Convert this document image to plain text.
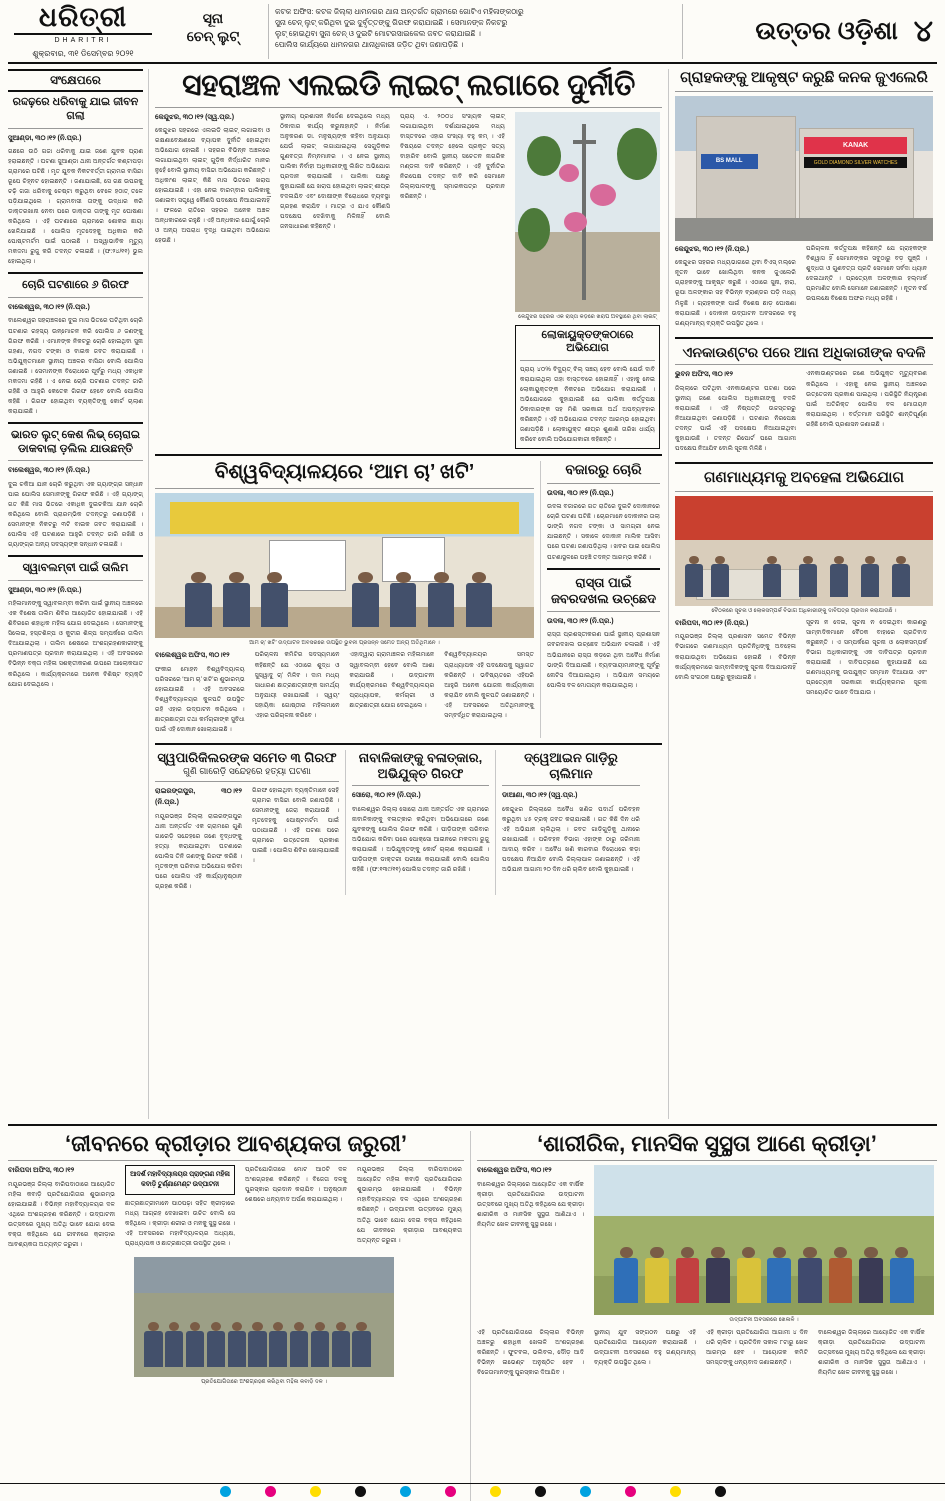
ଧରିତ୍ରୀ
DHARITRI
ଶୁକ୍ରବାର, ୩୧ ଡିସେମ୍ବର ୨୦୨୧
ସୂନା
ଚେନ୍ ଲୁଟ୍
କଟକ ଅଫିସ: କଟକ ଜିଲ୍ଲା ଧାମନଗର ଥାନା ଅନ୍ତର୍ଗତ ଗ୍ରାମରେ ଗୋଟିଏ ମହିଳାଙ୍କଠାରୁ
ସୁନା ଚେନ୍ ଲୁଟ୍ କରିଥିବା ଦୁଇ ଦୁର୍ବୃତ୍ତଙ୍କୁ ଗିରଫ କରାଯାଇଛି । ସେମାନଙ୍କ ନିକଟରୁ
ଲୁଟ୍ ହୋଇଥିବା ସୁନା ଚେନ୍ ଓ ଦୁଇଟି ମୋଟରସାଇକେଲ ଜବତ କରାଯାଇଛି ।
ପୋଲିସ କାର୍ଯ୍ୟରେ ଧାମନଗର ଥାନାଧିକାରୀ ଜଡ଼ିତ ଥିବା ଜଣାପଡ଼ିଛି ।	ଉତ୍ତର ଓଡ଼ିଶା ୪
ସଂକ୍ଷେପରେ
ରଦ୍ଦଢ଼ରେ ଧରିବାକୁ ଯାଇ ଜୀବନ ଗଲା

ସୁଆଣ୍ଡା, ୩୦।୧୨ (ନି.ପ୍ର.)

ଗଛରେ ଉଠି ଗଜା ଧରିବାକୁ ଯାଇ ଜଣେ ଯୁବକ ପ୍ରାଣ ହରାଇଛନ୍ତି । ଘଟଣା ସୁଆଣ୍ଡା ଥାନା ଅନ୍ତର୍ଗତ କଣ୍ଟାପଡ଼ା ଗ୍ରାମରେ ଘଟିଛି । ମୃତ ଯୁବକ ନିକଟବର୍ତ୍ତୀ ଗ୍ରାମର ବାସିନ୍ଦା ରୂପେ ଚିହ୍ନଟ ହୋଇଛନ୍ତି । ଜଣାଯାଇଛି, ସେ ଗଛ ଉପରକୁ ଚଢ଼ି ଗଜା ଧରିବାକୁ ଚେଷ୍ଟା କରୁଥିବା ବେଳେ ହଠାତ୍ ତଳେ ପଡ଼ିଯାଇଥିଲେ । ଗ୍ରାମବାସୀ ତାଙ୍କୁ ଉଦ୍ଧାର କରି ଡାକ୍ତରଖାନା ନେବା ପରେ ଡାକ୍ତର ତାଙ୍କୁ ମୃତ ଘୋଷଣା କରିଥିଲେ । ଏହି ଘଟଣାରେ ଗ୍ରାମରେ ଶୋକର ଛାୟା ଖେଳିଯାଇଛି । ପୋଲିସ ମୃତଦେହକୁ ଅଧିକାର କରି ପୋଷ୍ଟମର୍ଟମ ପାଇଁ ପଠାଇଛି । ଅସ୍ୱାଭାବିକ ମୃତ୍ୟୁ ମକଦ୍ଦମା ରୁଜୁ କରି ତଦନ୍ତ ଚଳାଇଛି । (ଫ:୨୪/୧୧) ଭୁଲ ହୋଇଥିଲା ।

ଚୋରି ଘଟଣାରେ ୬ ଗିରଫ

ବାଲେଶ୍ୱର, ୩୦।୧୨ (ନି.ପ୍ର.)

ବାଲେଶ୍ୱର ସହରାଞ୍ଚଳରେ ଦୁଇ ମାସ ଭିତରେ ଘଟିଥିବା ଚୋରି ଘଟଣାର ରହସ୍ୟ ଉନ୍ମୋଚନ କରି ପୋଲିସ ୬ ଜଣଙ୍କୁ ଗିରଫ କରିଛି । ଏମାନଙ୍କ ନିକଟରୁ ଚୋରି ହୋଇଥିବା ସୁନା ଗହଣା, ନଗଦ ଟଙ୍କା ଓ ବାଇକ ଜବତ କରାଯାଇଛି । ଅଭିଯୁକ୍ତମାନେ ସ୍ଥାନୀୟ ଅଞ୍ଚଳର ବାସିନ୍ଦା ବୋଲି ପୋଲିସ ଜଣାଇଛି । ସେମାନଙ୍କ ବିରୋଧରେ ପୂର୍ବରୁ ମଧ୍ୟ ଏକାଧିକ ମକଦ୍ଦମା ରହିଛି । ଏ ନେଇ ଚୋରି ଘଟଣାର ତଦନ୍ତ ଜାରି ରହିଛି ଓ ଆହୁରି କେତେକ ଗିରଫ ହେବେ ବୋଲି ପୋଲିସ କହିଛି । ଗିରଫ ହୋଇଥିବା ବ୍ୟକ୍ତିଙ୍କୁ କୋର୍ଟ ଚାଲାଣ କରାଯାଇଛି ।

ଭାରତ ଲୁଟ୍ କେଶ ଲିଭ୍ ଚୋରାଇ ଡାକବାଲା ଡ଼ଲିଲ ଯାଉଛନ୍ତି

ବାଲେଶ୍ୱର, ୩୦।୧୨ (ନି.ପ୍ର.)

ଦୁଇ ଚକିଆ ଯାନ ଚୋରି କରୁଥିବା ଏକ ଗ୍ୟାଙ୍ଗ୍‌ର ସନ୍ଧାନ ପାଇ ପୋଲିସ ସେମାନଙ୍କୁ ଗିରଫ କରିଛି । ଏହି ଗ୍ୟାଙ୍ଗ୍ ଗତ କିଛି ମାସ ଭିତରେ ଏକାଧିକ ଦୁଇଚକିଆ ଯାନ ଚୋରି କରିଥିଲେ ବୋଲି ପ୍ରାରମ୍ଭିକ ତଦନ୍ତରୁ ଜଣାପଡ଼ିଛି । ସେମାନଙ୍କ ନିକଟରୁ ୩ଟି ବାଇକ ଜବତ କରାଯାଇଛି । ପୋଲିସ ଏହି ଘଟଣାରେ ଆହୁରି ତଦନ୍ତ ଜାରି ରଖିଛି ଓ ଗ୍ୟାଙ୍ଗ୍‌ର ଅନ୍ୟ ସଦସ୍ୟଙ୍କ ସନ୍ଧାନ ଚଳାଇଛି ।

ସ୍ୱାବଲମ୍ବୀ ପାଇଁ ତାଲିମ

ସୁଆଣ୍ଡା, ୩୦।୧୨ (ନି.ପ୍ର.)

ମହିଳାମାନଙ୍କୁ ସ୍ୱାବଲମ୍ବୀ କରିବା ପାଇଁ ସ୍ଥାନୀୟ ଅଞ୍ଚଳରେ ଏକ ବିଶେଷ ତାଲିମ ଶିବିର ଆୟୋଜିତ ହୋଇଯାଇଛି । ଏହି ଶିବିରରେ ଶହାଧିକ ମହିଳା ଯୋଗ ଦେଇଥିଲେ । ସେମାନଙ୍କୁ ସିଲେଇ, ହସ୍ତଶିଳ୍ପ ଓ କୁଟୀର ଶିଳ୍ପ ସମ୍ପର୍କରେ ତାଲିମ ଦିଆଯାଇଥିଲା । ତାଲିମ ଶେଷରେ ଅଂଶଗ୍ରହଣକାରୀଙ୍କୁ ପ୍ରମାଣପତ୍ର ପ୍ରଦାନ କରାଯାଇଥିଲା । ଏହି ଅବସରରେ ବିଭିନ୍ନ ବକ୍ତା ମହିଳା ସଶକ୍ତୀକରଣ ଉପରେ ଆଲୋକପାତ କରିଥିଲେ । କାର୍ଯ୍ୟକ୍ରମରେ ଅନେକ ବିଶିଷ୍ଟ ବ୍ୟକ୍ତି ଯୋଗ ଦେଇଥିଲେ ।

ସହରାଞ୍ଚଳ ଏଲଇଡି ଲାଇଟ୍ ଲଗାରେ ଦୁର୍ନୀତି

କେନ୍ଦୁଝର, ୩୦।୧୨ (ସ୍ୱ.ପ୍ର.)

କେନ୍ଦୁଝର ସହରରେ ଏଲଇଡି ଲାଇଟ୍ ଲଗାଇବା ଓ ରକ୍ଷଣାବେକ୍ଷଣରେ ବ୍ୟାପକ ଦୁର୍ନୀତି ହୋଇଥିବା ଅଭିଯୋଗ ହୋଇଛି । ସହରର ବିଭିନ୍ନ ଅଞ୍ଚଳରେ ଲଗାଯାଇଥିବା ଲାଇଟ୍ ଗୁଡ଼ିକ ନିର୍ଦ୍ଧାରିତ ମାନର ନୁହେଁ ବୋଲି ସ୍ଥାନୀୟ ବାସିନ୍ଦା ଅଭିଯୋଗ କରିଛନ୍ତି । ଅଧିକାଂଶ ଲାଇଟ୍ କିଛି ମାସ ଭିତରେ ଖରାପ ହୋଇଯାଇଛି । ଏହା ନେଇ ବାରମ୍ବାର ପାଲିକାକୁ ଜଣାଇବା ସତ୍ତ୍ୱେ କୌଣସି ପଦକ୍ଷେପ ନିଆଯାଇନାହିଁ । ଫଳରେ ରାତିରେ ସହରର ଅନେକ ଅଞ୍ଚଳ ଅନ୍ଧକାରରେ ରହୁଛି । ଏହି ଅନ୍ଧକାର ଯୋଗୁଁ ଚୋରି ଓ ଅନ୍ୟ ଅପରାଧ ବୃଦ୍ଧି ପାଇଥିବା ଅଭିଯୋଗ ହେଉଛି ।

ସ୍ଥାନୀୟ ପ୍ରଶାସନ ନିର୍ଦ୍ଦେଶ ଦେଇଥିଲେ ମଧ୍ୟ ଠିକାଦାର କାର୍ଯ୍ୟ କରୁନାହାନ୍ତି । ନିର୍ମାଣ ଅନୁକରଣ ଡା. ମନୁଷ୍ୟଙ୍କ କହିବା ଅନୁଯାୟୀ ଯେଉଁ ଲାଇଟ୍ ଲଗାଯାଇଥିଲା ସେଗୁଡ଼ିକର ଗୁଣବତ୍ତା ନିମ୍ନମାନର । ଏ ନେଇ ସ୍ଥାନୀୟ ପାଲିକା ନିର୍ବାହୀ ଅଧିକାରୀଙ୍କୁ ଲିଖିତ ଅଭିଯୋଗ ପ୍ରଦାନ କରାଯାଇଛି । ପାଲିକା ପକ୍ଷରୁ କୁହାଯାଇଛି ଯେ ଖରାପ ହୋଇଥିବା ଲାଇଟ୍ ଶୀଘ୍ର ବଦଳାଯିବ ଏବଂ ଦୋଷୀଙ୍କ ବିରୋଧରେ ବ୍ୟବସ୍ଥା ଗ୍ରହଣ କରାଯିବ । ମାତ୍ର ଏ ଯାଏ କୌଣସି ପଦକ୍ଷେପ ଦେଖିବାକୁ ମିଳିନାହିଁ ବୋଲି ଜନସାଧାରଣ କହିଛନ୍ତି ।

ପ୍ରାୟ ଏ. ୨୦୦୪ ସଂଖ୍ୟକ ଲାଇଟ୍ ଲଗାଯାଇଥିବା ଦର୍ଶାଯାଇଥିଲେ ମଧ୍ୟ ବାସ୍ତବରେ ଏହାର ସଂଖ୍ୟା ବହୁ କମ୍ । ଏହି ବିଷୟରେ ତଦନ୍ତ ହେଲେ ପ୍ରକୃତ ସତ୍ୟ ବାହାରିବ ବୋଲି ସ୍ଥାନୀୟ ସଚେତନ ନାଗରିକ ମଣ୍ଡଳୀ ଦାବି କରିଛନ୍ତି । ଏହି ଦୁର୍ନୀତିର ନିରପେକ୍ଷ ତଦନ୍ତ ଦାବି କରି ସେମାନେ ଜିଲ୍ଲାପାଳଙ୍କୁ ସ୍ମାରକପତ୍ର ପ୍ରଦାନ କରିଛନ୍ତି ।

କେନ୍ଦୁଝର ସହରର ଏକ ରାସ୍ତା କଡ଼ରେ ଖରାପ ଅବସ୍ଥାରେ ଥିବା ଲାଇଟ୍
ଲୋକାୟୁକ୍ତଙ୍କଠାରେ ଅଭିଯୋଗ
ପ୍ରାୟ ୪୦% ବିଦ୍ୟୁତ୍ ବିଲ୍ ସଞ୍ଚୟ ହେବ ବୋଲି ଯେଉଁ ଦାବି କରାଯାଇଥିଲା ତାହା ବାସ୍ତବରେ ହୋଇନାହିଁ । ଏହାକୁ ନେଇ ଲୋକାୟୁକ୍ତଙ୍କ ନିକଟରେ ଅଭିଯୋଗ କରାଯାଇଛି । ଅଭିଯୋଗରେ କୁହାଯାଇଛି ଯେ ପାଲିକା କର୍ତ୍ତୃପକ୍ଷ ଠିକାଦାରଙ୍କ ସହ ମିଶି ସରକାରୀ ଅର୍ଥ ଅପବ୍ୟବହାର କରିଛନ୍ତି । ଏହି ଅଭିଯୋଗର ତଦନ୍ତ ଆରମ୍ଭ ହୋଇଥିବା ଜଣାପଡ଼ିଛି । ଲୋକାୟୁକ୍ତ ଶୀଘ୍ର ଶୁଣାଣି ତାରିଖ ଧାର୍ଯ୍ୟ କରିବେ ବୋଲି ଅଭିଯୋଗକାରୀ କହିଛନ୍ତି ।
ବିଶ୍ୱବିଦ୍ୟାଳୟରେ ‘ଆମ ଚା’ ଖଟି’
ଆମ ଚା’ ଖଟି’ ଉଦ୍‌ଘାଟନ ଅବସରରେ ଉପସ୍ଥିତ ଭୁବନୀ ପ୍ରସନ୍ନ ସମେତ ଅନ୍ୟ ଅତିଥିମାନେ ।

ବାଲେଶ୍ୱର ଅଫିସ, ୩୦।୧୨

ଫକୀର ମୋହନ ବିଶ୍ୱବିଦ୍ୟାଳୟ ପରିସରରେ ‘ଆମ ଚା’ ଖଟି’ର ଶୁଭାରମ୍ଭ ହୋଇଯାଇଛି । ଏହି ଅବସରରେ ବିଶ୍ୱବିଦ୍ୟାଳୟର କୁଳପତି ଉପସ୍ଥିତ ରହି ଏହାର ଉଦ୍‌ଘାଟନ କରିଥିଲେ । ଛାତ୍ରଛାତ୍ରୀ ତଥା କର୍ମଚାରୀଙ୍କ ସୁବିଧା ପାଇଁ ଏହି ଦୋକାନ ଖୋଲାଯାଇଛି ।

ପରିଚାଳନା କମିଟିର ସଦସ୍ୟମାନେ କହିଛନ୍ତି ଯେ ଏଠାରେ ଶୁଦ୍ଧ ଓ ସୁସ୍ୱାଦୁ ଚା’ ମିଳିବ । ଦାମ ମଧ୍ୟ ସାଧାରଣ ଛାତ୍ରଛାତ୍ରୀଙ୍କ ସାମର୍ଥ୍ୟ ଅନୁଯାୟୀ ରଖାଯାଇଛି । ସ୍ୱୟଂ ସହାୟିକା ଗୋଷ୍ଠୀର ମହିଳାମାନେ ଏହାର ପରିଚାଳନା କରିବେ ।

ଏହାଦ୍ୱାରା ଗ୍ରାମାଞ୍ଚଳର ମହିଳାମାନେ ସ୍ୱାବଲମ୍ବୀ ହେବେ ବୋଲି ଆଶା କରାଯାଉଛି । ଉଦ୍‌ଘାଟନୀ କାର୍ଯ୍ୟକ୍ରମରେ ବିଶ୍ୱବିଦ୍ୟାଳୟର ପ୍ରାଧ୍ୟାପକ, କର୍ମଚାରୀ ଓ ଛାତ୍ରଛାତ୍ରୀ ଯୋଗ ଦେଇଥିଲେ ।

ବିଶ୍ୱବିଦ୍ୟାଳୟର ସମସ୍ତ ପ୍ରାଧ୍ୟାପକ ଏହି ପଦକ୍ଷେପକୁ ସ୍ୱାଗତ କରିଛନ୍ତି । ଭବିଷ୍ୟତରେ ଏହିପରି ଆହୁରି ଅନେକ ଯୋଜନା କାର୍ଯ୍ୟକାରୀ କରାଯିବ ବୋଲି କୁଳପତି ଜଣାଇଛନ୍ତି । ଏହି ଅବସରରେ ଅତିଥିମାନଙ୍କୁ ସମ୍ବର୍ଦ୍ଧିତ କରାଯାଇଥିଲା ।

ବଜାରରୁ ଚୋରି

ଉଦଳା, ୩୦।୧୨ (ନି.ପ୍ର.)

ଉଦଳା ବଜାରରେ ଗତ ରାତିରେ ଦୁଇଟି ଦୋକାନରେ ଚୋରି ଘଟଣା ଘଟିଛି । ଚୋରମାନେ ଦୋକାନର ତାଲା ଭାଙ୍ଗି ନଗଦ ଟଙ୍କା ଓ ସାମଗ୍ରୀ ନେଇ ଯାଇଛନ୍ତି । ସକାଳେ ଦୋକାନ ମାଲିକ ଆସିବା ପରେ ଘଟଣା ଜଣାପଡ଼ିଥିଲା । ଖବର ପାଇ ପୋଲିସ ଘଟଣାସ୍ଥଳରେ ପହଞ୍ଚି ତଦନ୍ତ ଆରମ୍ଭ କରିଛି ।

ରାସ୍ତା ପାଇଁ ଜବରଦଖଲ ଉଚ୍ଛେଦ

ଉଦଳା, ୩୦।୧୨ (ନି.ପ୍ର.)

ରାସ୍ତା ପ୍ରଶସ୍ତୀକରଣ ପାଇଁ ସ୍ଥାନୀୟ ପ୍ରଶାସନ ଜବରଦଖଲ ଉଚ୍ଛେଦ ଅଭିଯାନ ଚଳାଇଛି । ଏହି ଅଭିଯାନରେ ରାସ୍ତା କଡ଼ରେ ଥିବା ଅବୈଧ ନିର୍ମାଣ ଭାଙ୍ଗି ଦିଆଯାଇଛି । ବ୍ୟବସାୟୀମାନଙ୍କୁ ପୂର୍ବରୁ ନୋଟିସ ଦିଆଯାଇଥିଲା । ଅଭିଯାନ ସମୟରେ ପୋଲିସ ବଳ ମୋତାୟନ କରାଯାଇଥିଲା ।

ସ୍ୱପାରିକିଲରଙ୍କ ସମେତ ୩ ଗିରଫ
ଗୁଣି ଗାରେଡ଼ି ସନ୍ଦେହରେ ହତ୍ୟା ଘଟଣା

ରାଇରଙ୍ଗପୁର, ୩୦।୧୨ (ନି.ପ୍ର.)

ମୟୂରଭଞ୍ଜ ଜିଲ୍ଲା ରାଇରଙ୍ଗପୁର ଥାନା ଅନ୍ତର୍ଗତ ଏକ ଗ୍ରାମରେ ଗୁଣି ଗାରେଡ଼ି ସନ୍ଦେହରେ ଜଣେ ବୃଦ୍ଧଙ୍କୁ ହତ୍ୟା କରାଯାଇଥିବା ଘଟଣାରେ ପୋଲିସ ତିନି ଜଣଙ୍କୁ ଗିରଫ କରିଛି । ମୃତକଙ୍କ ପରିବାର ଅଭିଯୋଗ କରିବା ପରେ ପୋଲିସ ଏହି କାର୍ଯ୍ୟାନୁଷ୍ଠାନ ଗ୍ରହଣ କରିଛି ।

ଗିରଫ ହୋଇଥିବା ବ୍ୟକ୍ତିମାନେ ସେହି ଗ୍ରାମର ବାସିନ୍ଦା ବୋଲି ଜଣାପଡ଼ିଛି । ସେମାନଙ୍କୁ ଜେରା କରାଯାଉଛି । ମୃତଦେହକୁ ପୋଷ୍ଟମର୍ଟମ ପାଇଁ ପଠାଯାଇଛି । ଏହି ଘଟଣା ପରେ ଗ୍ରାମରେ ଉତ୍ତେଜନା ପ୍ରକାଶ ପାଇଛି । ପୋଲିସ ଶିବିର ଖୋଲାଯାଇଛି ।

ନାବାଳିକାଙ୍କୁ ବଳାତ୍କାର, ଅଭିଯୁକ୍ତ ଗିରଫ

ସୋରୋ, ୩୦।୧୨ (ନି.ପ୍ର.)

ବାଲେଶ୍ୱର ଜିଲ୍ଲା ସୋରୋ ଥାନା ଅନ୍ତର୍ଗତ ଏକ ଗ୍ରାମରେ ନାବାଳିକାଙ୍କୁ ବଳାତ୍କାର କରିଥିବା ଅଭିଯୋଗରେ ଜଣେ ଯୁବକଙ୍କୁ ପୋଲିସ ଗିରଫ କରିଛି । ପୀଡ଼ିତାଙ୍କ ପରିବାର ଅଭିଯୋଗ କରିବା ପରେ ପୋକ୍ସୋ ଆଇନରେ ମକଦ୍ଦମା ରୁଜୁ କରାଯାଇଛି । ଅଭିଯୁକ୍ତଙ୍କୁ କୋର୍ଟ ଚାଲାଣ କରାଯାଇଛି । ପୀଡ଼ିତାଙ୍କ ଡାକ୍ତରୀ ପରୀକ୍ଷା କରାଯାଇଛି ବୋଲି ପୋଲିସ କହିଛି । (ଫ:୧୩୯/୧୧) ପୋଲିସ ତଦନ୍ତ ଜାରି ରଖିଛି ।

ଦ୍ୱେଆଇନ ଗାଡ଼ିରୁ ଚାଲିମାନ

ଡାଆଣା, ୩୦।୧୨ (ସ୍ୱ.ପ୍ର.)

କେନ୍ଦୁଝର ଜିଲ୍ଲାରେ ଅବୈଧ ଖଣିଜ ପଦାର୍ଥ ପରିବହନ କରୁଥିବା ୪୫ ଟ୍ରକ୍ ଜବତ କରାଯାଇଛି । ଗତ କିଛି ଦିନ ଧରି ଏହି ଅଭିଯାନ ଚାଲିଥିଲା । ଜବତ ଗାଡ଼ିଗୁଡ଼ିକୁ ଥାନାରେ ରଖାଯାଇଛି । ପରିବହନ ବିଭାଗ ଏହାଙ୍କ ଠାରୁ ଜରିମାନା ଆଦାୟ କରିବ । ଅବୈଧ ଖଣି କାରବାର ବିରୋଧରେ କଡ଼ା ପଦକ୍ଷେପ ନିଆଯିବ ବୋଲି ଜିଲ୍ଲାପାଳ ଜଣାଇଛନ୍ତି । ଏହି ଅଭିଯାନ ଆଗାମୀ ୨୦ ଦିନ ଧରି ଚାଲିବ ବୋଲି କୁହାଯାଇଛି ।

ଗ୍ରାହକଙ୍କୁ ଆକୃଷ୍ଟ କରୁଛି କନକ ଜୁଏଲେରି
BS MALL
KANAK
GOLD DIAMOND SILVER WATCHES

କେନ୍ଦୁଝର, ୩୦।୧୨ (ନି.ପ୍ର.)

କେନ୍ଦୁଝର ସହରର ମଧ୍ୟଭାଗରେ ଥିବା ବିଏସ୍ ମଲ୍‌ରେ ନୂତନ ଭାବେ ଖୋଲିଥିବା କନକ ଜୁଏଲେରି ଗ୍ରାହକଙ୍କୁ ଆକୃଷ୍ଟ କରୁଛି । ଏଠାରେ ସୁନା, ହୀରା, ରୂପା ଅଳଙ୍କାର ସହ ବିଭିନ୍ନ ବ୍ରାଣ୍ଡର ଘଡ଼ି ମଧ୍ୟ ମିଳୁଛି । ଗ୍ରାହକଙ୍କ ପାଇଁ ବିଶେଷ ଛାଡ଼ ଘୋଷଣା କରାଯାଇଛି । ଦୋକାନ ଉଦ୍‌ଘାଟନ ଅବସରରେ ବହୁ ଗଣ୍ୟମାନ୍ୟ ବ୍ୟକ୍ତି ଉପସ୍ଥିତ ଥିଲେ ।

ପରିଚାଳନା କର୍ତ୍ତୃପକ୍ଷ କହିଛନ୍ତି ଯେ ଗ୍ରାହକଙ୍କ ବିଶ୍ୱାସ ହିଁ ସେମାନଙ୍କର ସବୁଠାରୁ ବଡ଼ ପୁଞ୍ଜି । ଶୁଦ୍ଧତା ଓ ଗୁଣବତ୍ତା ପ୍ରତି ସେମାନେ ସର୍ବଦା ଧ୍ୟାନ ଦେଇଥାନ୍ତି । ପ୍ରତ୍ୟେକ ଅଳଙ୍କାର ହଲ୍‌ମାର୍କ ପ୍ରମାଣିତ ବୋଲି ସେମାନେ ଜଣାଇଛନ୍ତି । ନୂତନ ବର୍ଷ ଉପଲକ୍ଷେ ବିଶେଷ ଅଫର ମଧ୍ୟ ରହିଛି ।

ଏନକାଉଣ୍ଟର ପରେ ଆନା ଅଧିକାରୀଙ୍କ ବଦଳି

ଭୁବନ ଅଫିସ, ୩୦।୧୨

ଜିଲ୍ଲାରେ ଘଟିଥିବା ଏନକାଉଣ୍ଟର ଘଟଣା ପରେ ସ୍ଥାନୀୟ ଜଣେ ପୋଲିସ ଅଧିକାରୀଙ୍କୁ ବଦଳି କରାଯାଇଛି । ଏହି ନିଷ୍ପତ୍ତି ଉଚ୍ଚସ୍ତରରୁ ନିଆଯାଇଥିବା ଜଣାପଡ଼ିଛି । ଘଟଣାର ନିରପେକ୍ଷ ତଦନ୍ତ ପାଇଁ ଏହି ପଦକ୍ଷେପ ନିଆଯାଇଥିବା କୁହାଯାଉଛି । ତଦନ୍ତ ରିପୋର୍ଟ ପରେ ଆଗାମୀ ପଦକ୍ଷେପ ନିଆଯିବ ବୋଲି ସୂଚନା ମିଳିଛି ।

ଏନକାଉଣ୍ଟରରେ ଜଣେ ଅଭିଯୁକ୍ତ ମୃତ୍ୟୁବରଣ କରିଥିଲେ । ଏହାକୁ ନେଇ ସ୍ଥାନୀୟ ଅଞ୍ଚଳରେ ଉତ୍ତେଜନା ପ୍ରକାଶ ପାଇଥିଲା । ପରିସ୍ଥିତି ନିୟନ୍ତ୍ରଣ ପାଇଁ ଅତିରିକ୍ତ ପୋଲିସ ବଳ ମୋତାୟନ କରାଯାଇଥିଲା । ବର୍ତ୍ତମାନ ପରିସ୍ଥିତି ଶାନ୍ତିପୂର୍ଣ୍ଣ ରହିଛି ବୋଲି ପ୍ରଶାସନ ଜଣାଇଛି ।

ଗଣମାଧ୍ୟମକୁ ଅବହେଳା ଅଭିଯୋଗ
ବୈଠକରେ ସୂଚନା ଓ ଲୋକସମ୍ପର୍କ ବିଭାଗ ଅଧିକାରୀଙ୍କୁ ଦାବିପତ୍ର ପ୍ରଦାନ କରାଯାଉଛି ।

ବାରିପଦା, ୩୦।୧୨ (ନି.ପ୍ର.)

ମୟୂରଭଞ୍ଜ ଜିଲ୍ଲା ପ୍ରଶାସନ ସମେତ ବିଭିନ୍ନ ବିଭାଗରେ ଗଣମାଧ୍ୟମ ପ୍ରତିନିଧିଙ୍କୁ ଅବହେଳା କରାଯାଉଥିବା ଅଭିଯୋଗ ହୋଇଛି । ବିଭିନ୍ନ କାର୍ଯ୍ୟକ୍ରମରେ ସାମ୍ବାଦିକଙ୍କୁ ସୂଚନା ଦିଆଯାଉନାହିଁ ବୋଲି ସଂଗଠନ ପକ୍ଷରୁ କୁହାଯାଇଛି ।

ସୂଚନା ନ ଦେଇ, ସୂଚନା ନ ଦେଇଥିବା କାରଣରୁ ସାମ୍ବାଦିକମାନେ ବୈଠକ ବାହାରେ ପ୍ରତିବାଦ କରୁଛନ୍ତି । ଏ ସମ୍ପର୍କରେ ସୂଚନା ଓ ଲୋକସମ୍ପର୍କ ବିଭାଗ ଅଧିକାରୀଙ୍କୁ ଏକ ଦାବିପତ୍ର ପ୍ରଦାନ କରାଯାଇଛି । ଦାବିପତ୍ରରେ କୁହାଯାଇଛି ଯେ ଗଣମାଧ୍ୟମକୁ ଉପଯୁକ୍ତ ସମ୍ମାନ ଦିଆଯାଉ ଏବଂ ପ୍ରତ୍ୟେକ ସରକାରୀ କାର୍ଯ୍ୟକ୍ରମର ସୂଚନା ସମୟୋଚିତ ଭାବେ ଦିଆଯାଉ ।

‘ଜୀବନରେ କ୍ରୀଡ଼ାର ଆବଶ୍ୟକତା ଜରୁରୀ’

ବାରିପଦା ଅଫିସ, ୩୦।୧୨

ମୟୂରଭଞ୍ଜ ଜିଲ୍ଲା ବାରିପଦାଠାରେ ଆୟୋଜିତ ମହିଳା କବାଡ଼ି ପ୍ରତିଯୋଗିତାର ଶୁଭାରମ୍ଭ ହୋଇଯାଇଛି । ବିଭିନ୍ନ ମହାବିଦ୍ୟାଳୟର ଦଳ ଏଥିରେ ଅଂଶଗ୍ରହଣ କରିଛନ୍ତି । ଉଦ୍‌ଘାଟନୀ ଉତ୍ସବରେ ମୁଖ୍ୟ ଅତିଥି ଭାବେ ଯୋଗ ଦେଇ ବକ୍ତା କହିଥିଲେ ଯେ ଜୀବନରେ କ୍ରୀଡ଼ାର ଆବଶ୍ୟକତା ଅତ୍ୟନ୍ତ ଜରୁରୀ ।

ଆଦର୍ଶ ମହାବିଦ୍ୟାଳୟର ପ୍ରାଙ୍ଗଣ ମହିଳା କବାଡ଼ି ଟୁର୍ଣ୍ଣାମେଣ୍ଟ ଉଦ୍‌ଘାଟନୀ
ଛାତ୍ରଛାତ୍ରୀମାନେ ପାଠପଢ଼ା ସହିତ କ୍ରୀଡ଼ାରେ ମଧ୍ୟ ଆଗ୍ରହ ଦେଖାଇବା ଉଚିତ ବୋଲି ସେ କହିଥିଲେ । କ୍ରୀଡ଼ା ଶରୀର ଓ ମନକୁ ସୁସ୍ଥ ରଖେ । ଏହି ଅବସରରେ ମହାବିଦ୍ୟାଳୟର ଅଧ୍ୟକ୍ଷ, ପ୍ରାଧ୍ୟାପକ ଓ ଛାତ୍ରଛାତ୍ରୀ ଉପସ୍ଥିତ ଥିଲେ ।

ପ୍ରତିଯୋଗିତାରେ ମୋଟ ଆଠଟି ଦଳ ଅଂଶଗ୍ରହଣ କରିଛନ୍ତି । ବିଜେତା ଦଳକୁ ପୁରସ୍କାର ପ୍ରଦାନ କରାଯିବ । ଅନୁଷ୍ଠାନ ଶେଷରେ ଧନ୍ୟବାଦ ଅର୍ପଣ କରାଯାଇଥିଲା ।

ମୟୂରଭଞ୍ଜ ଜିଲ୍ଲା ବାରିପଦାଠାରେ ଆୟୋଜିତ ମହିଳା କବାଡ଼ି ପ୍ରତିଯୋଗିତାର ଶୁଭାରମ୍ଭ ହୋଇଯାଇଛି । ବିଭିନ୍ନ ମହାବିଦ୍ୟାଳୟର ଦଳ ଏଥିରେ ଅଂଶଗ୍ରହଣ କରିଛନ୍ତି । ଉଦ୍‌ଘାଟନୀ ଉତ୍ସବରେ ମୁଖ୍ୟ ଅତିଥି ଭାବେ ଯୋଗ ଦେଇ ବକ୍ତା କହିଥିଲେ ଯେ ଜୀବନରେ କ୍ରୀଡ଼ାର ଆବଶ୍ୟକତା ଅତ୍ୟନ୍ତ ଜରୁରୀ ।

ପ୍ରତିଯୋଗିତାରେ ଅଂଶଗ୍ରହଣ କରିଥିବା ମହିଳା କବାଡ଼ି ଦଳ ।
‘ଶାରୀରିକ, ମାନସିକ ସୁସ୍ଥତା ଆଣେ କ୍ରୀଡ଼ା’

ବାଲେଶ୍ୱର ଅଫିସ, ୩୦।୧୨

ବାଲେଶ୍ୱର ଜିଲ୍ଲାରେ ଆୟୋଜିତ ଏକ ବାର୍ଷିକ କ୍ରୀଡ଼ା ପ୍ରତିଯୋଗିତାର ଉଦ୍‌ଘାଟନୀ ଉତ୍ସବରେ ମୁଖ୍ୟ ଅତିଥି କହିଥିଲେ ଯେ କ୍ରୀଡ଼ା ଶାରୀରିକ ଓ ମାନସିକ ସୁସ୍ଥତା ଆଣିଥାଏ । ନିୟମିତ ଖେଳ ଜୀବନକୁ ସୁସ୍ଥ ରଖେ ।

ଉଦ୍‌ଘାଟନୀ ଅବସରରେ ଖେଳାଳି ।

ଏହି ପ୍ରତିଯୋଗିତାରେ ଜିଲ୍ଲାର ବିଭିନ୍ନ ଅଞ୍ଚଳରୁ ଶହାଧିକ ଖେଳାଳି ଅଂଶଗ୍ରହଣ କରିଛନ୍ତି । ଫୁଟବଲ, ଭଲିବଲ, ଦୌଡ଼ ଆଦି ବିଭିନ୍ନ ଇଭେଣ୍ଟ ଅନୁଷ୍ଠିତ ହେବ । ବିଜେତାମାନଙ୍କୁ ପୁରସ୍କାର ଦିଆଯିବ ।

ସ୍ଥାନୀୟ ଯୁବ ସଙ୍ଗଠନ ପକ୍ଷରୁ ଏହି ପ୍ରତିଯୋଗିତା ଆୟୋଜନ କରାଯାଇଛି । ଉଦ୍‌ଘାଟନୀ ଅବସରରେ ବହୁ ଗଣ୍ୟମାନ୍ୟ ବ୍ୟକ୍ତି ଉପସ୍ଥିତ ଥିଲେ ।

ଏହି କ୍ରୀଡ଼ା ପ୍ରତିଯୋଗିତା ଆଗାମୀ ୪ ଦିନ ଧରି ଚାଲିବ । ପ୍ରତିଦିନ ସକାଳ ୮ଟାରୁ ଖେଳ ଆରମ୍ଭ ହେବ । ଆୟୋଜକ କମିଟି ସମସ୍ତଙ୍କୁ ଧନ୍ୟବାଦ ଜଣାଇଛନ୍ତି ।

ବାଲେଶ୍ୱର ଜିଲ୍ଲାରେ ଆୟୋଜିତ ଏକ ବାର୍ଷିକ କ୍ରୀଡ଼ା ପ୍ରତିଯୋଗିତାର ଉଦ୍‌ଘାଟନୀ ଉତ୍ସବରେ ମୁଖ୍ୟ ଅତିଥି କହିଥିଲେ ଯେ କ୍ରୀଡ଼ା ଶାରୀରିକ ଓ ମାନସିକ ସୁସ୍ଥତା ଆଣିଥାଏ । ନିୟମିତ ଖେଳ ଜୀବନକୁ ସୁସ୍ଥ ରଖେ ।
